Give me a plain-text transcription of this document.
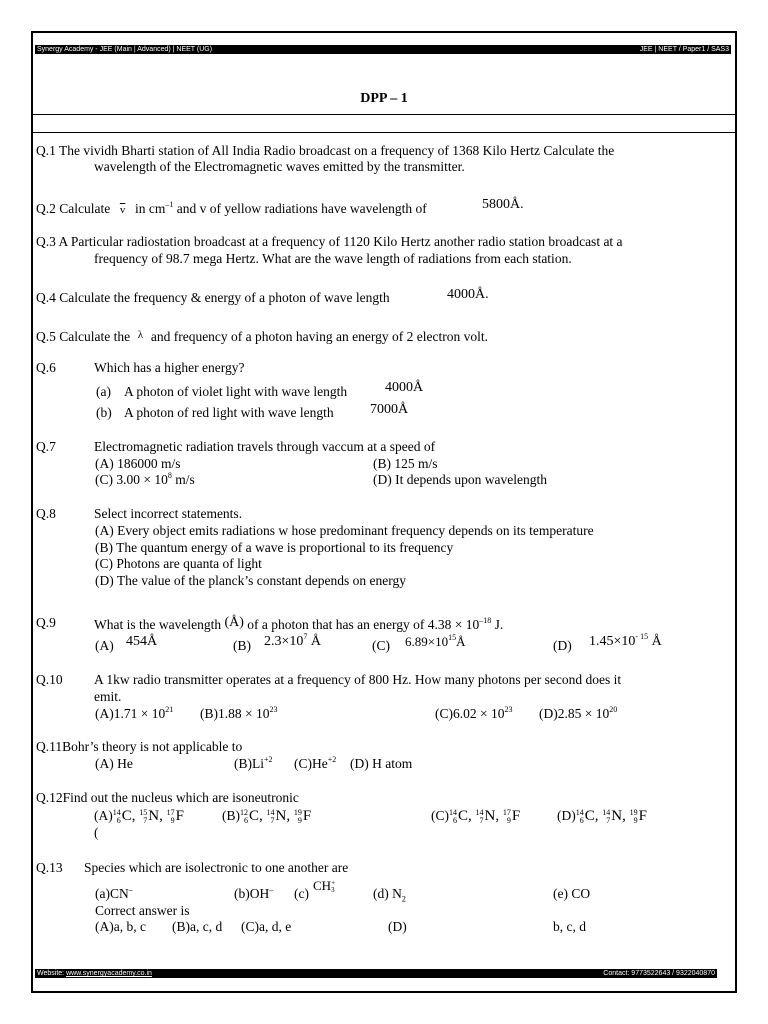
Synergy Academy - JEE (Main | Advanced) | NEET (UG)	JEE | NEET / Paper1 / SAS3
DPP – 1
Q.1 The vividh Bharti station of All India Radio broadcast on a frequency of 1368 Kilo Hertz Calculate the
wavelength of the Electromagnetic waves emitted by the transmitter.
Q.2 Calculate $\overline{v}$ in $cm^{-1}$ and v of yellow radiations have wavelength of	5800Å.
Q.3 A Particular radiostation broadcast at a frequency of 1120 Kilo Hertz another radio station broadcast at a
frequency of 98.7 mega Hertz. What are the wave length of radiations from each station.
Q.4 Calculate the frequency & energy of a photon of wave length	4000Å.
Q.5 Calculate the λ and frequency of a photon having an energy of 2 electron volt.
Q.6	Which has a higher energy?
(a) A photon of violet light with wave length	4000Å
(b) A photon of red light with wave length	7000Å
Q.7	Electromagnetic radiation travels through vaccum at a speed of
(A) 186000 m/s	(B) 125 m/s
(C) $3.00 \times 10^8$ m/s	(D) It depends upon wavelength
Q.8	Select incorrect statements.
(A) Every object emits radiations w hose predominant frequency depends on its temperature
(B) The quantum energy of a wave is proportional to its frequency
(C) Photons are quanta of light
(D) The value of the planck’s constant depends on energy
Q.9	What is the wavelength (Å) of a photon that has an energy of $4.38 \times 10^{-18}$ J.
(A) 454Å	(B) $2.3\times 10^7$ Å	(C) $6.89\times 10^{15}Å$	(D) $1.45\times 10^{- 15}$ Å
Q.10 A 1kw radio transmitter operates at a frequency of 800 Hz. How many photons per second does it
emit.
$(A)1.71 \times 10^{21}$ $(B)1.88 \times 10^{23}$	$(C)6.02 \times 10^{23}$ $(D)2.85 \times 10^{20}$
Q.11Bohr’s theory is not applicable to
(A) He	$(B)Li^{+2}$ $(C)He^{+2}$ (D) H atom
Q.12Find out the nucleus which are isoneutronic
(A)14
6C, 15
7N, 17
9F
(
(B)12
6C, 14
7N, 19
9F	(C)14
6C, 14
7N, 17
9F	(D)14
6C, 14
7N, 19
9F
Q.13 Species which are isolectronic to one another are
(a)CN–	(b)OH– (c)
CH+
3	(d) $N_2$	(e) CO
Correct answer is
(A)a, b, c (B)a, c, d (C)a, d, e	(D)	b, c, d
Website: www.synergyacademy.co.in	Contact: 9773522643 / 9322040870
